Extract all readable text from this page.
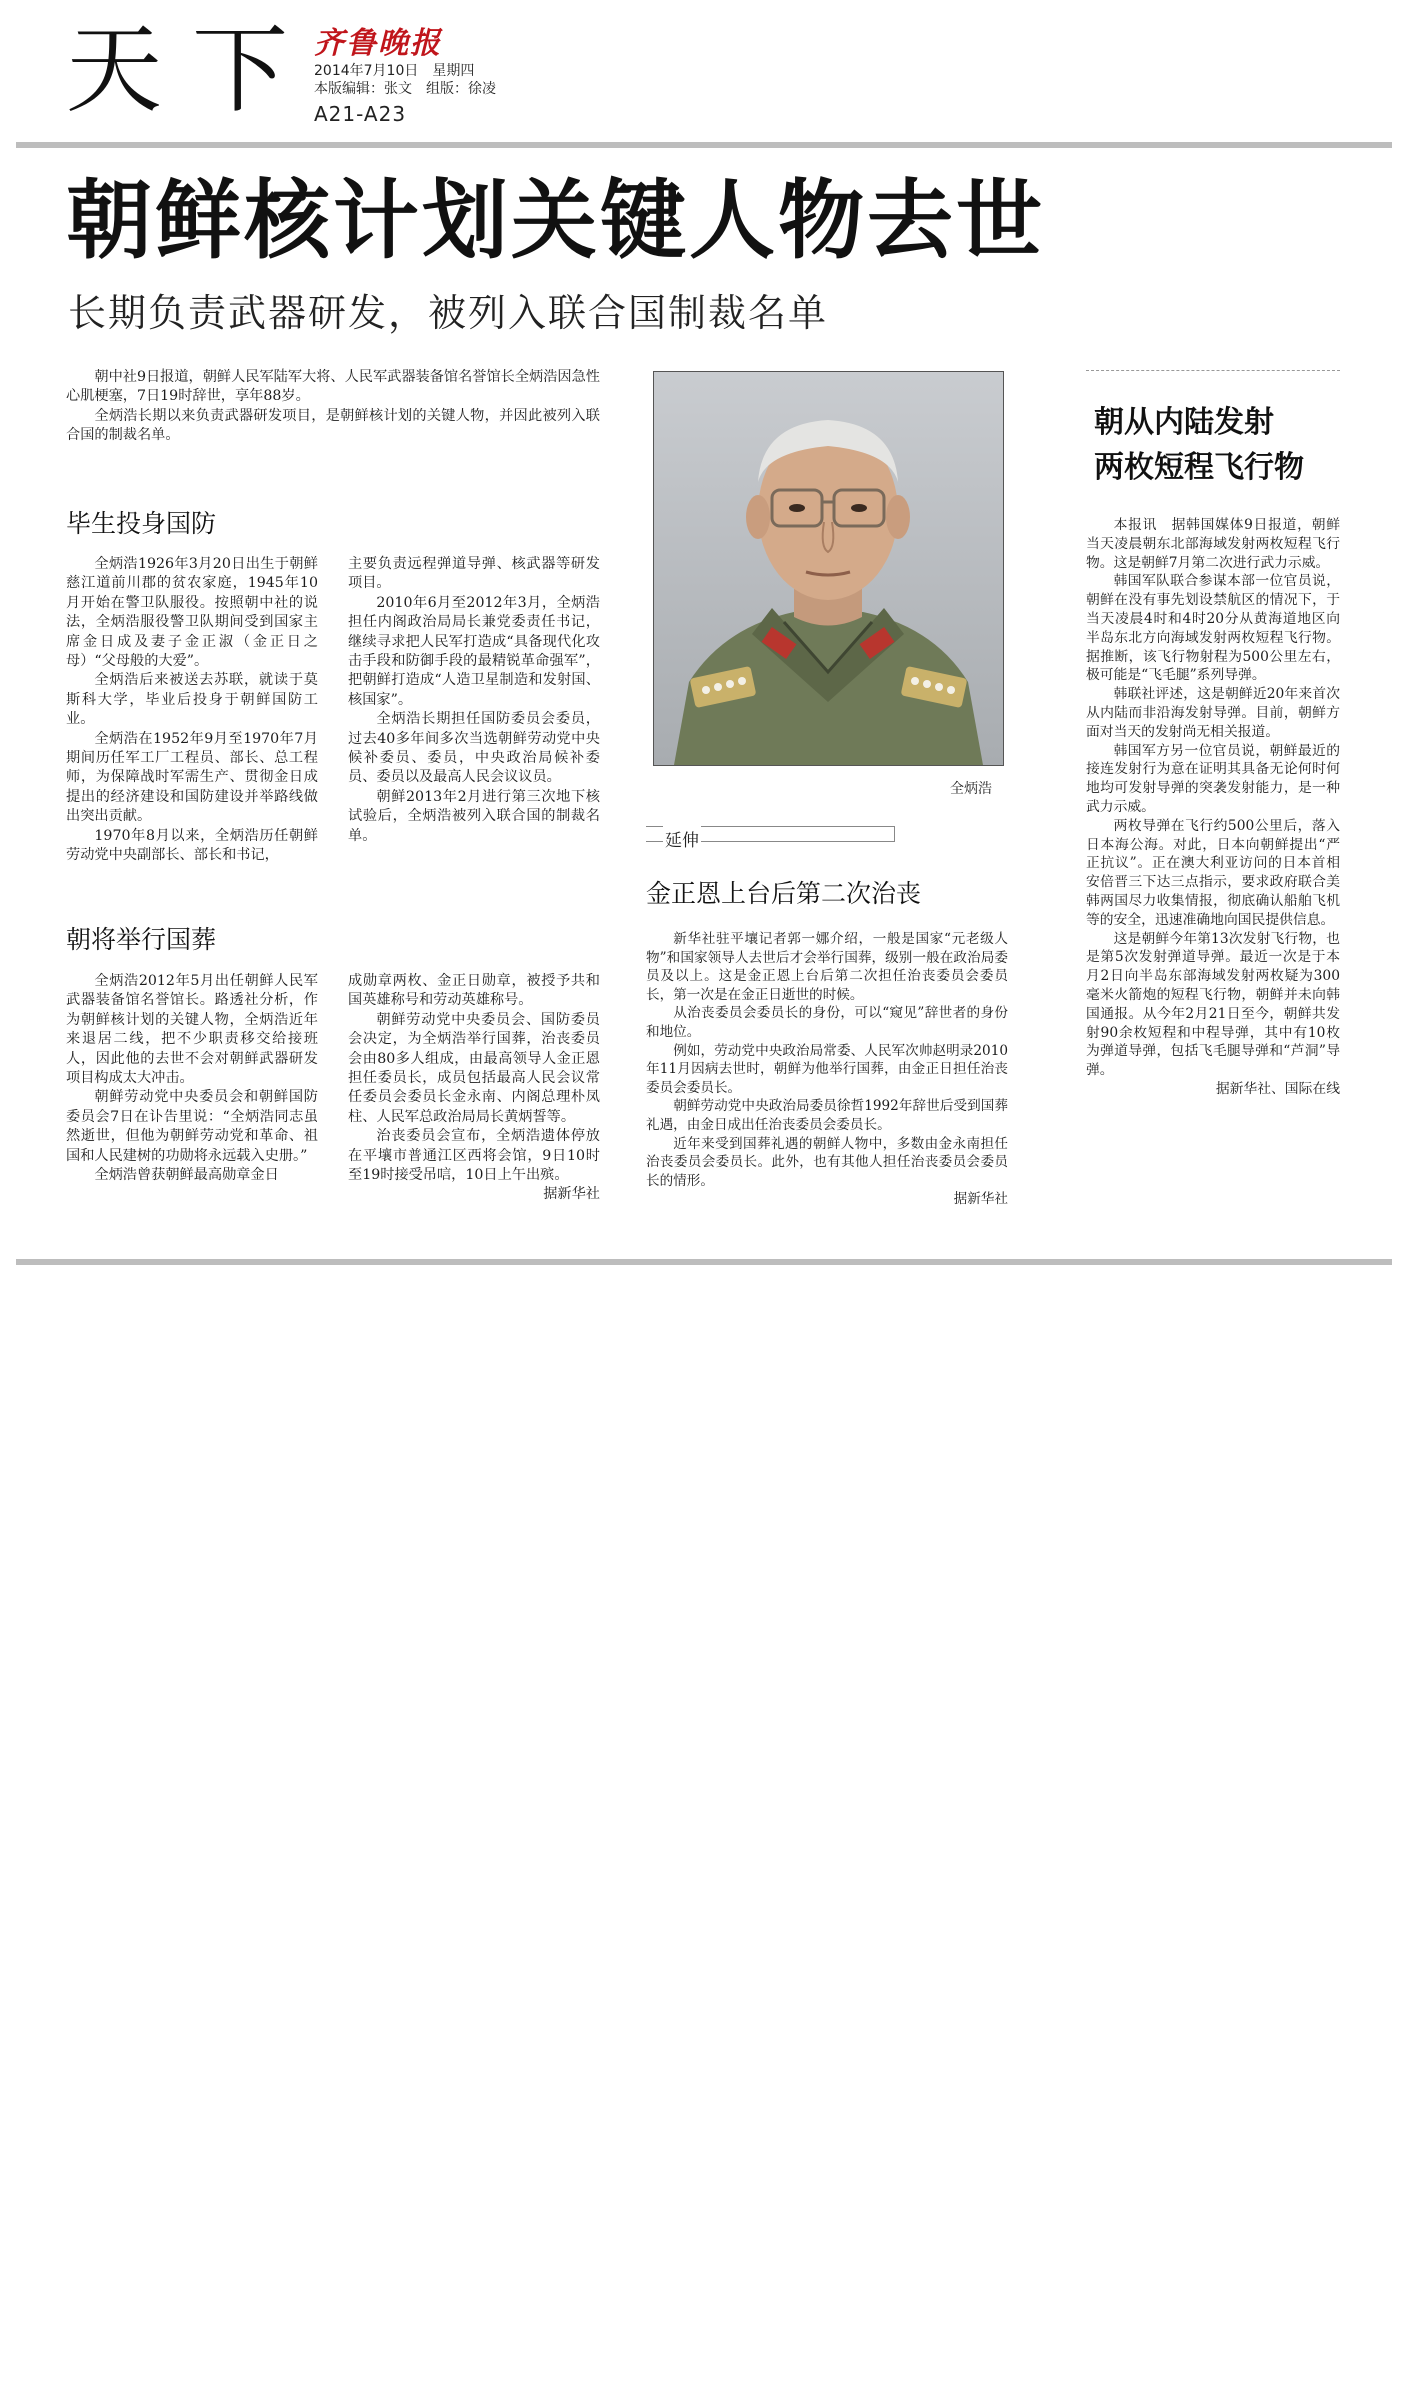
天下
齐鲁晚报
2014年7月10日 星期四
本版编辑：张文 组版：徐凌
A21-A23
朝鲜核计划关键人物去世
长期负责武器研发，被列入联合国制裁名单

朝中社9日报道，朝鲜人民军陆军大将、人民军武器装备馆名誉馆长全炳浩因急性心肌梗塞，7日19时辞世，享年88岁。

全炳浩长期以来负责武器研发项目，是朝鲜核计划的关键人物，并因此被列入联合国的制裁名单。

毕生投身国防

全炳浩1926年3月20日出生于朝鲜慈江道前川郡的贫农家庭，1945年10月开始在警卫队服役。按照朝中社的说法，全炳浩服役警卫队期间受到国家主席金日成及妻子金正淑（金正日之母）“父母般的大爱”。

全炳浩后来被送去苏联，就读于莫斯科大学，毕业后投身于朝鲜国防工业。

全炳浩在1952年9月至1970年7月期间历任军工厂工程员、部长、总工程师，为保障战时军需生产、贯彻金日成提出的经济建设和国防建设并举路线做出突出贡献。

1970年8月以来，全炳浩历任朝鲜劳动党中央副部长、部长和书记，

主要负责远程弹道导弹、核武器等研发项目。

2010年6月至2012年3月，全炳浩担任内阁政治局局长兼党委责任书记，继续寻求把人民军打造成“具备现代化攻击手段和防御手段的最精锐革命强军”，把朝鲜打造成“人造卫星制造和发射国、核国家”。

全炳浩长期担任国防委员会委员，过去40多年间多次当选朝鲜劳动党中央候补委员、委员，中央政治局候补委员、委员以及最高人民会议议员。

朝鲜2013年2月进行第三次地下核试验后，全炳浩被列入联合国的制裁名单。

朝将举行国葬

全炳浩2012年5月出任朝鲜人民军武器装备馆名誉馆长。路透社分析，作为朝鲜核计划的关键人物，全炳浩近年来退居二线，把不少职责移交给接班人，因此他的去世不会对朝鲜武器研发项目构成太大冲击。

朝鲜劳动党中央委员会和朝鲜国防委员会7日在讣告里说：“全炳浩同志虽然逝世，但他为朝鲜劳动党和革命、祖国和人民建树的功勋将永远载入史册。”

全炳浩曾获朝鲜最高勋章金日

成勋章两枚、金正日勋章，被授予共和国英雄称号和劳动英雄称号。

朝鲜劳动党中央委员会、国防委员会决定，为全炳浩举行国葬，治丧委员会由80多人组成，由最高领导人金正恩担任委员长，成员包括最高人民会议常任委员会委员长金永南、内阁总理朴凤柱、人民军总政治局局长黄炳誓等。

治丧委员会宣布，全炳浩遗体停放在平壤市普通江区西将会馆，9日10时至19时接受吊唁，10日上午出殡。

据新华社

全炳浩
延伸
金正恩上台后第二次治丧

新华社驻平壤记者郭一娜介绍，一般是国家“元老级人物”和国家领导人去世后才会举行国葬，级别一般在政治局委员及以上。这是金正恩上台后第二次担任治丧委员会委员长，第一次是在金正日逝世的时候。

从治丧委员会委员长的身份，可以“窥见”辞世者的身份和地位。

例如，劳动党中央政治局常委、人民军次帅赵明录2010年11月因病去世时，朝鲜为他举行国葬，由金正日担任治丧委员会委员长。

朝鲜劳动党中央政治局委员徐哲1992年辞世后受到国葬礼遇，由金日成出任治丧委员会委员长。

近年来受到国葬礼遇的朝鲜人物中，多数由金永南担任治丧委员会委员长。此外，也有其他人担任治丧委员会委员长的情形。

据新华社

朝从内陆发射
两枚短程飞行物

本报讯　据韩国媒体9日报道，朝鲜当天凌晨朝东北部海域发射两枚短程飞行物。这是朝鲜7月第二次进行武力示威。

韩国军队联合参谋本部一位官员说，朝鲜在没有事先划设禁航区的情况下，于当天凌晨4时和4时20分从黄海道地区向半岛东北方向海域发射两枚短程飞行物。据推断，该飞行物射程为500公里左右，极可能是“飞毛腿”系列导弹。

韩联社评述，这是朝鲜近20年来首次从内陆而非沿海发射导弹。目前，朝鲜方面对当天的发射尚无相关报道。

韩国军方另一位官员说，朝鲜最近的接连发射行为意在证明其具备无论何时何地均可发射导弹的突袭发射能力，是一种武力示威。

两枚导弹在飞行约500公里后，落入日本海公海。对此，日本向朝鲜提出“严正抗议”。正在澳大利亚访问的日本首相安倍晋三下达三点指示，要求政府联合美韩两国尽力收集情报，彻底确认船舶飞机等的安全，迅速准确地向国民提供信息。

这是朝鲜今年第13次发射飞行物，也是第5次发射弹道导弹。最近一次是于本月2日向半岛东部海域发射两枚疑为300毫米火箭炮的短程飞行物，朝鲜并未向韩国通报。从今年2月21日至今，朝鲜共发射90余枚短程和中程导弹，其中有10枚为弹道导弹，包括飞毛腿导弹和“芦洞”导弹。

据新华社、国际在线
